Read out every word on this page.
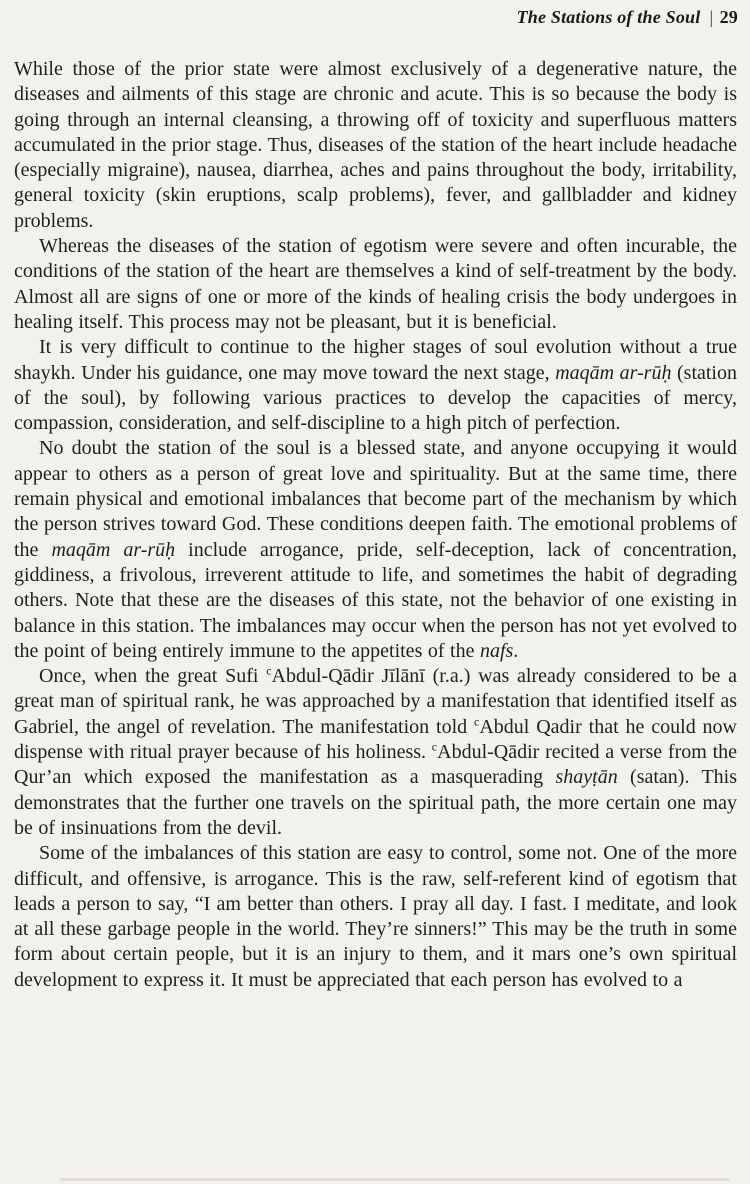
The Stations of the Soul | 29

While those of the prior state were almost exclusively of a degenerative nature, the diseases and ailments of this stage are chronic and acute. This is so because the body is going through an internal cleansing, a throwing off of toxicity and superfluous matters accumulated in the prior stage. Thus, diseases of the station of the heart include headache (especially migraine), nausea, diarrhea, aches and pains throughout the body, irritability, general toxicity (skin eruptions, scalp problems), fever, and gallbladder and kidney problems.

Whereas the diseases of the station of egotism were severe and often incurable, the conditions of the station of the heart are themselves a kind of self-treatment by the body. Almost all are signs of one or more of the kinds of healing crisis the body undergoes in healing itself. This process may not be pleasant, but it is beneficial.

It is very difficult to continue to the higher stages of soul evolution without a true shaykh. Under his guidance, one may move toward the next stage, maqām ar-rūḥ (station of the soul), by following various practices to develop the capacities of mercy, compassion, consideration, and self-discipline to a high pitch of perfection.

No doubt the station of the soul is a blessed state, and anyone occupying it would appear to others as a person of great love and spirituality. But at the same time, there remain physical and emotional imbalances that become part of the mechanism by which the person strives toward God. These conditions deepen faith. The emotional problems of the maqām ar-rūḥ include arrogance, pride, self-deception, lack of concentration, giddiness, a frivolous, irreverent attitude to life, and sometimes the habit of degrading others. Note that these are the diseases of this state, not the behavior of one existing in balance in this station. The imbalances may occur when the person has not yet evolved to the point of being entirely immune to the appetites of the nafs.

Once, when the great Sufi $^c$Abdul-Qādir Jīlānī (r.a.) was already considered to be a great man of spiritual rank, he was approached by a manifestation that identified itself as Gabriel, the angel of revelation. The manifestation told $^c$Abdul Qadir that he could now dispense with ritual prayer because of his holiness. $^c$Abdul-Qādir recited a verse from the Qur’an which exposed the manifestation as a masquerading shayṭān (satan). This demonstrates that the further one travels on the spiritual path, the more certain one may be of insinuations from the devil.

Some of the imbalances of this station are easy to control, some not. One of the more difficult, and offensive, is arrogance. This is the raw, self-referent kind of egotism that leads a person to say, “I am better than others. I pray all day. I fast. I meditate, and look at all these garbage people in the world. They’re sinners!” This may be the truth in some form about certain people, but it is an injury to them, and it mars one’s own spiritual development to express it. It must be appreciated that each person has evolved to a
